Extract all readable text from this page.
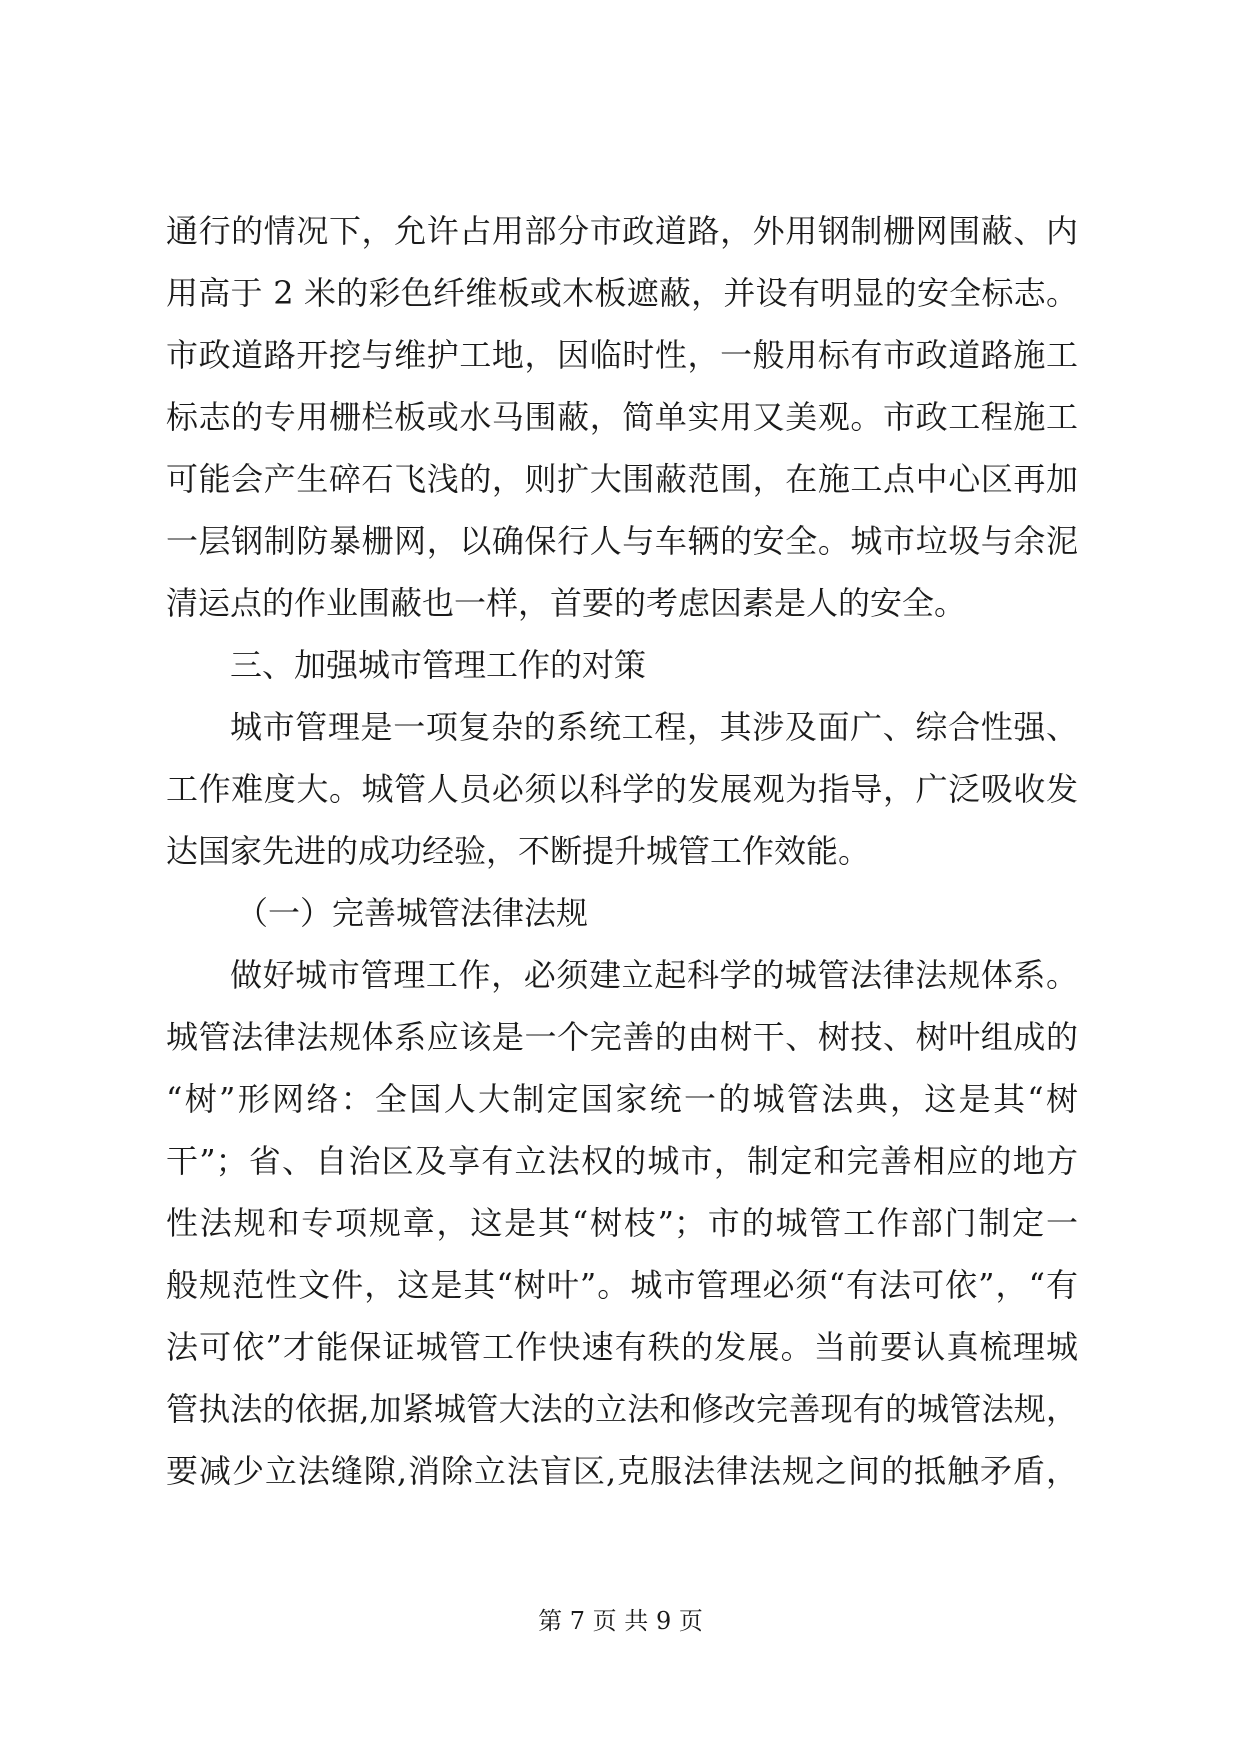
通行的情况下，允许占用部分市政道路，外用钢制栅网围蔽、内
用高于 2 米的彩色纤维板或木板遮蔽，并设有明显的安全标志。
市政道路开挖与维护工地，因临时性，一般用标有市政道路施工
标志的专用栅栏板或水马围蔽，简单实用又美观。市政工程施工
可能会产生碎石飞浅的，则扩大围蔽范围，在施工点中心区再加
一层钢制防暴栅网，以确保行人与车辆的安全。城市垃圾与余泥
清运点的作业围蔽也一样，首要的考虑因素是人的安全。
三、加强城市管理工作的对策
城市管理是一项复杂的系统工程，其涉及面广、综合性强、
工作难度大。城管人员必须以科学的发展观为指导，广泛吸收发
达国家先进的成功经验，不断提升城管工作效能。
（一）完善城管法律法规
做好城市管理工作，必须建立起科学的城管法律法规体系。
城管法律法规体系应该是一个完善的由树干、树技、树叶组成的
“树”形网络：全国人大制定国家统一的城管法典，这是其“树
干”；省、自治区及享有立法权的城市，制定和完善相应的地方
性法规和专项规章，这是其“树枝”；市的城管工作部门制定一
般规范性文件，这是其“树叶”。城市管理必须“有法可依”，“有
法可依”才能保证城管工作快速有秩的发展。当前要认真梳理城
管执法的依据,加紧城管大法的立法和修改完善现有的城管法规，
要减少立法缝隙,消除立法盲区,克服法律法规之间的抵触矛盾，
第 7 页 共 9 页
